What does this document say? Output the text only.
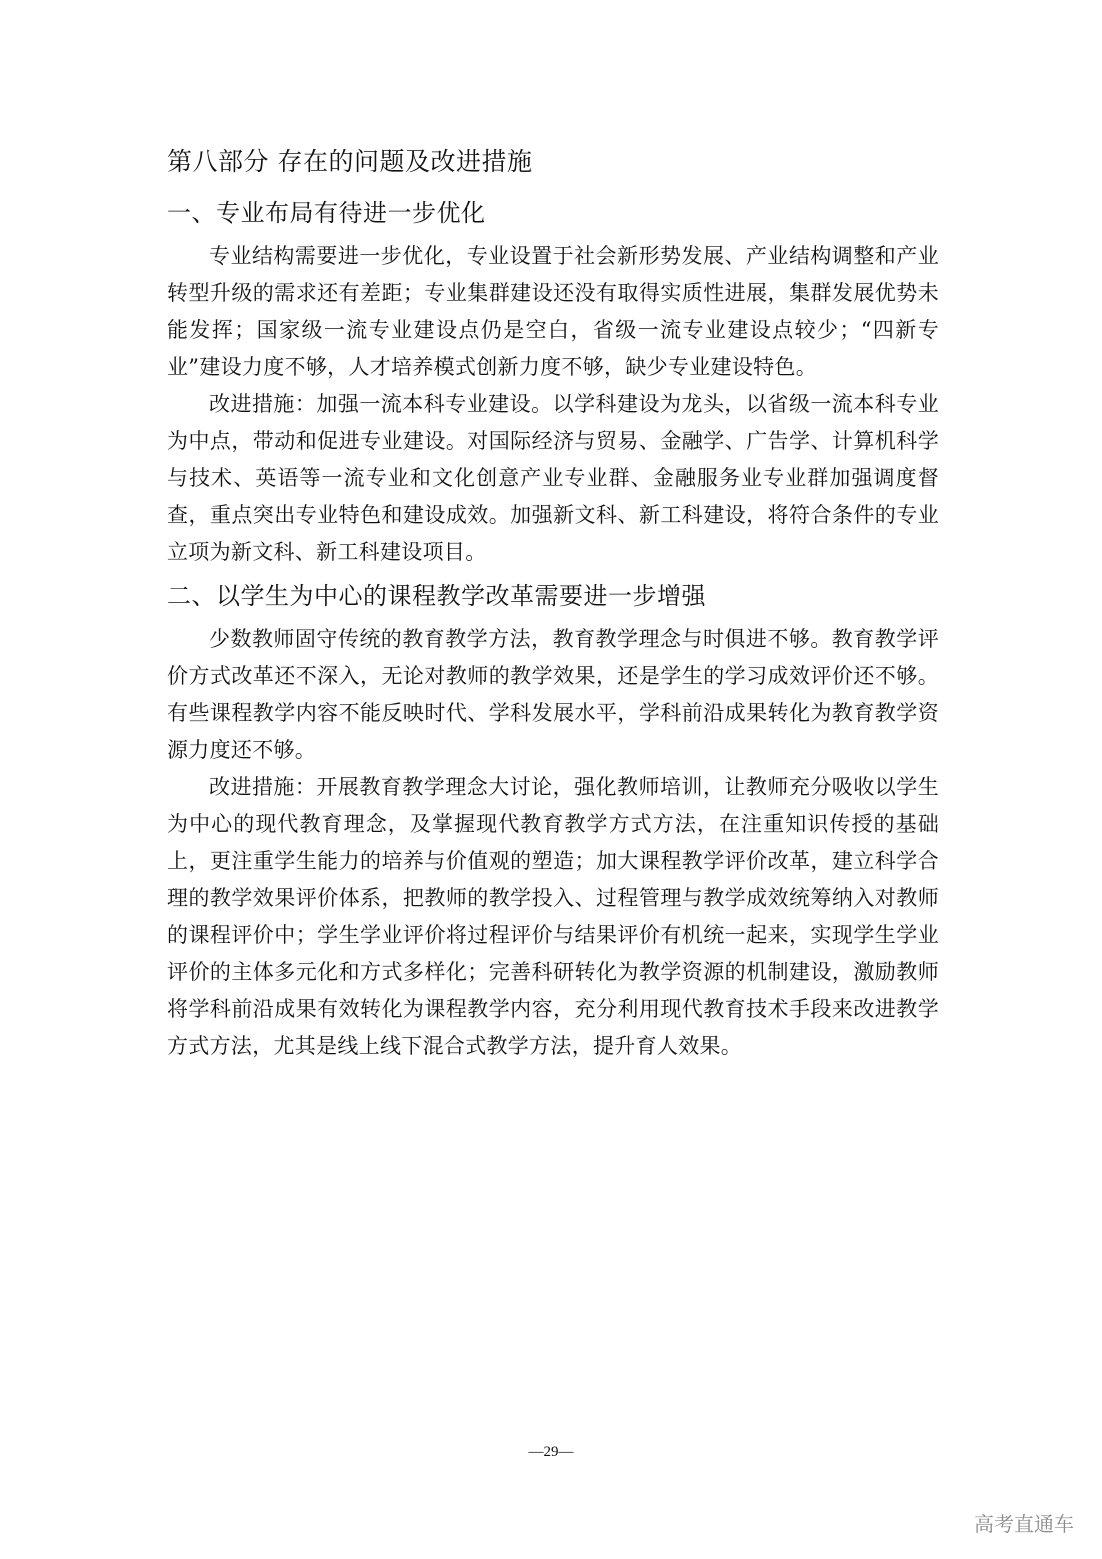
第八部分 存在的问题及改进措施
一、专业布局有待进一步优化

专业结构需要进一步优化，专业设置于社会新形势发展、产业结构调整和产业转型升级的需求还有差距；专业集群建设还没有取得实质性进展，集群发展优势未能发挥；国家级一流专业建设点仍是空白，省级一流专业建设点较少；“四新专业”建设力度不够，人才培养模式创新力度不够，缺少专业建设特色。

改进措施：加强一流本科专业建设。以学科建设为龙头，以省级一流本科专业为中点，带动和促进专业建设。对国际经济与贸易、金融学、广告学、计算机科学与技术、英语等一流专业和文化创意产业专业群、金融服务业专业群加强调度督查，重点突出专业特色和建设成效。加强新文科、新工科建设，将符合条件的专业立项为新文科、新工科建设项目。

二、以学生为中心的课程教学改革需要进一步增强

少数教师固守传统的教育教学方法，教育教学理念与时俱进不够。教育教学评价方式改革还不深入，无论对教师的教学效果，还是学生的学习成效评价还不够。有些课程教学内容不能反映时代、学科发展水平，学科前沿成果转化为教育教学资源力度还不够。

改进措施：开展教育教学理念大讨论，强化教师培训，让教师充分吸收以学生为中心的现代教育理念，及掌握现代教育教学方式方法，在注重知识传授的基础上，更注重学生能力的培养与价值观的塑造；加大课程教学评价改革，建立科学合理的教学效果评价体系，把教师的教学投入、过程管理与教学成效统筹纳入对教师的课程评价中；学生学业评价将过程评价与结果评价有机统一起来，实现学生学业评价的主体多元化和方式多样化；完善科研转化为教学资源的机制建设，激励教师将学科前沿成果有效转化为课程教学内容，充分利用现代教育技术手段来改进教学方式方法，尤其是线上线下混合式教学方法，提升育人效果。

—29—
高考直通车
